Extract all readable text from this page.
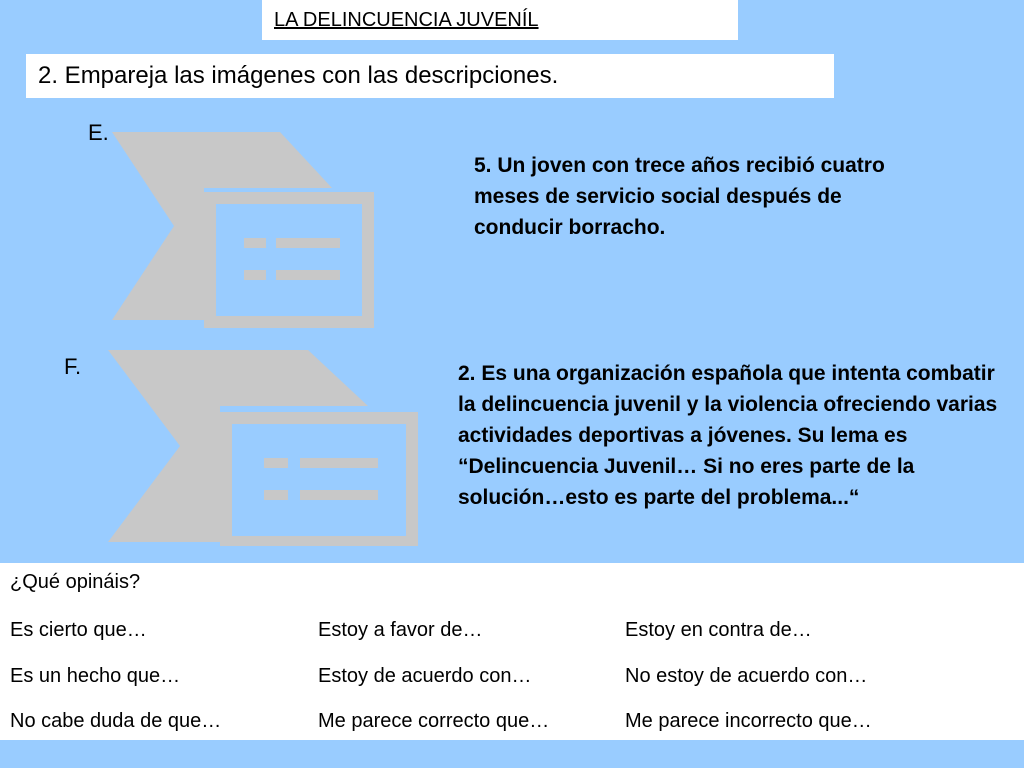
LA DELINCUENCIA JUVENÍL
2. Empareja las imágenes con las descripciones.
E.
5. Un joven con trece años recibió cuatro meses de servicio social después de conducir borracho.
F.	2. Es una organización española que intenta combatir la delincuencia juvenil y la violencia ofreciendo varias actividades deportivas a jóvenes. Su lema es “Delincuencia Juvenil… Si no eres parte de la solución…esto es parte del problema...“
¿Qué opináis?
Es cierto que…	Estoy a favor de…	Estoy en contra de…
Es un hecho que…	Estoy de acuerdo con…	No estoy de acuerdo con…
No cabe duda de que…	Me parece correcto que…	Me parece incorrecto que…
